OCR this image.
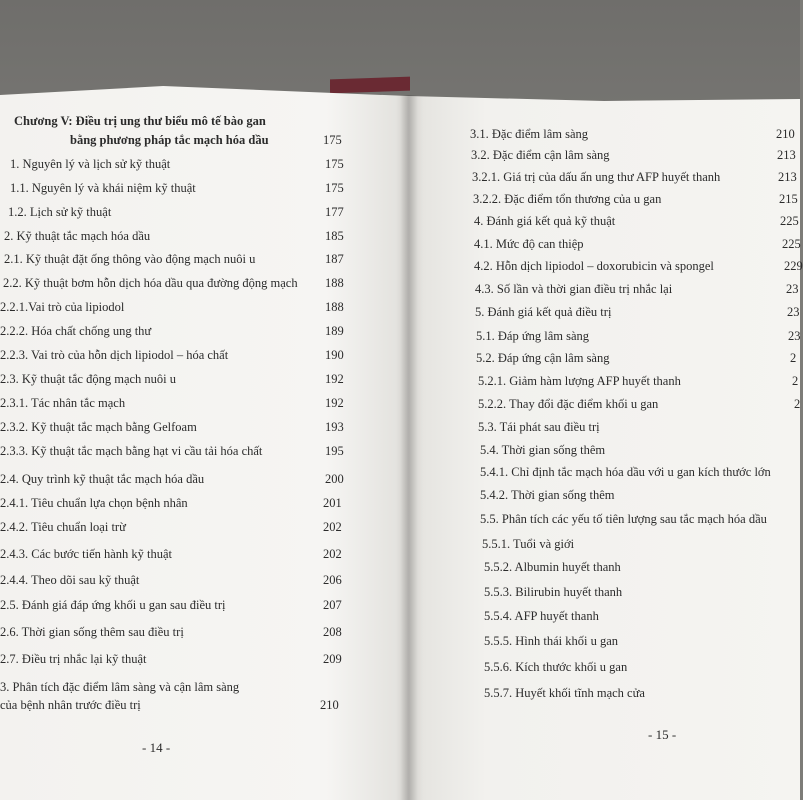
Chương V: Điều trị ung thư biểu mô tế bào gan
bằng phương pháp tắc mạch hóa dầu	175
1. Nguyên lý và lịch sử kỹ thuật	175
1.1. Nguyên lý và khái niệm kỹ thuật	175
1.2. Lịch sử kỹ thuật	177
2. Kỹ thuật tắc mạch hóa dầu	185
2.1. Kỹ thuật đặt ống thông vào động mạch nuôi u	187
2.2. Kỹ thuật bơm hỗn dịch hóa dầu qua đường động mạch 188
2.2.1.Vai trò của lipiodol	188
2.2.2. Hóa chất chống ung thư	189
2.2.3. Vai trò của hỗn dịch lipiodol – hóa chất	190
2.3. Kỹ thuật tắc động mạch nuôi u	192
2.3.1. Tác nhân tắc mạch	192
2.3.2. Kỹ thuật tắc mạch bằng Gelfoam	193
2.3.3. Kỹ thuật tắc mạch bằng hạt vi cầu tải hóa chất	195
2.4. Quy trình kỹ thuật tắc mạch hóa dầu	200
2.4.1. Tiêu chuẩn lựa chọn bệnh nhân	201
2.4.2. Tiêu chuẩn loại trừ	202
2.4.3. Các bước tiến hành kỹ thuật	202
2.4.4. Theo dõi sau kỹ thuật	206
2.5. Đánh giá đáp ứng khối u gan sau điều trị	207
2.6. Thời gian sống thêm sau điều trị	208
2.7. Điều trị nhắc lại kỹ thuật	209
3. Phân tích đặc điểm lâm sàng và cận lâm sàng
của bệnh nhân trước điều trị	210
3.1. Đặc điểm lâm sàng	210
3.2. Đặc điểm cận lâm sàng	213
3.2.1. Giá trị của dấu ấn ung thư AFP huyết thanh	213
3.2.2. Đặc điểm tổn thương của u gan	215
4. Đánh giá kết quả kỹ thuật	225
4.1. Mức độ can thiệp	225
4.2. Hỗn dịch lipiodol – doxorubicin và spongel	229
4.3. Số lần và thời gian điều trị nhắc lại	23
5. Đánh giá kết quả điều trị	23
5.1. Đáp ứng lâm sàng	23
5.2. Đáp ứng cận lâm sàng	2
5.2.1. Giảm hàm lượng AFP huyết thanh	2
5.2.2. Thay đổi đặc điểm khối u gan	2
5.3. Tái phát sau điều trị
5.4. Thời gian sống thêm
5.4.1. Chỉ định tắc mạch hóa dầu với u gan kích thước lớn
5.4.2. Thời gian sống thêm
5.5. Phân tích các yếu tố tiên lượng sau tắc mạch hóa dầu
5.5.1. Tuổi và giới
5.5.2. Albumin huyết thanh
5.5.3. Bilirubin huyết thanh
5.5.4. AFP huyết thanh
5.5.5. Hình thái khối u gan
5.5.6. Kích thước khối u gan
5.5.7. Huyết khối tĩnh mạch cửa
- 14 -
- 15 -
